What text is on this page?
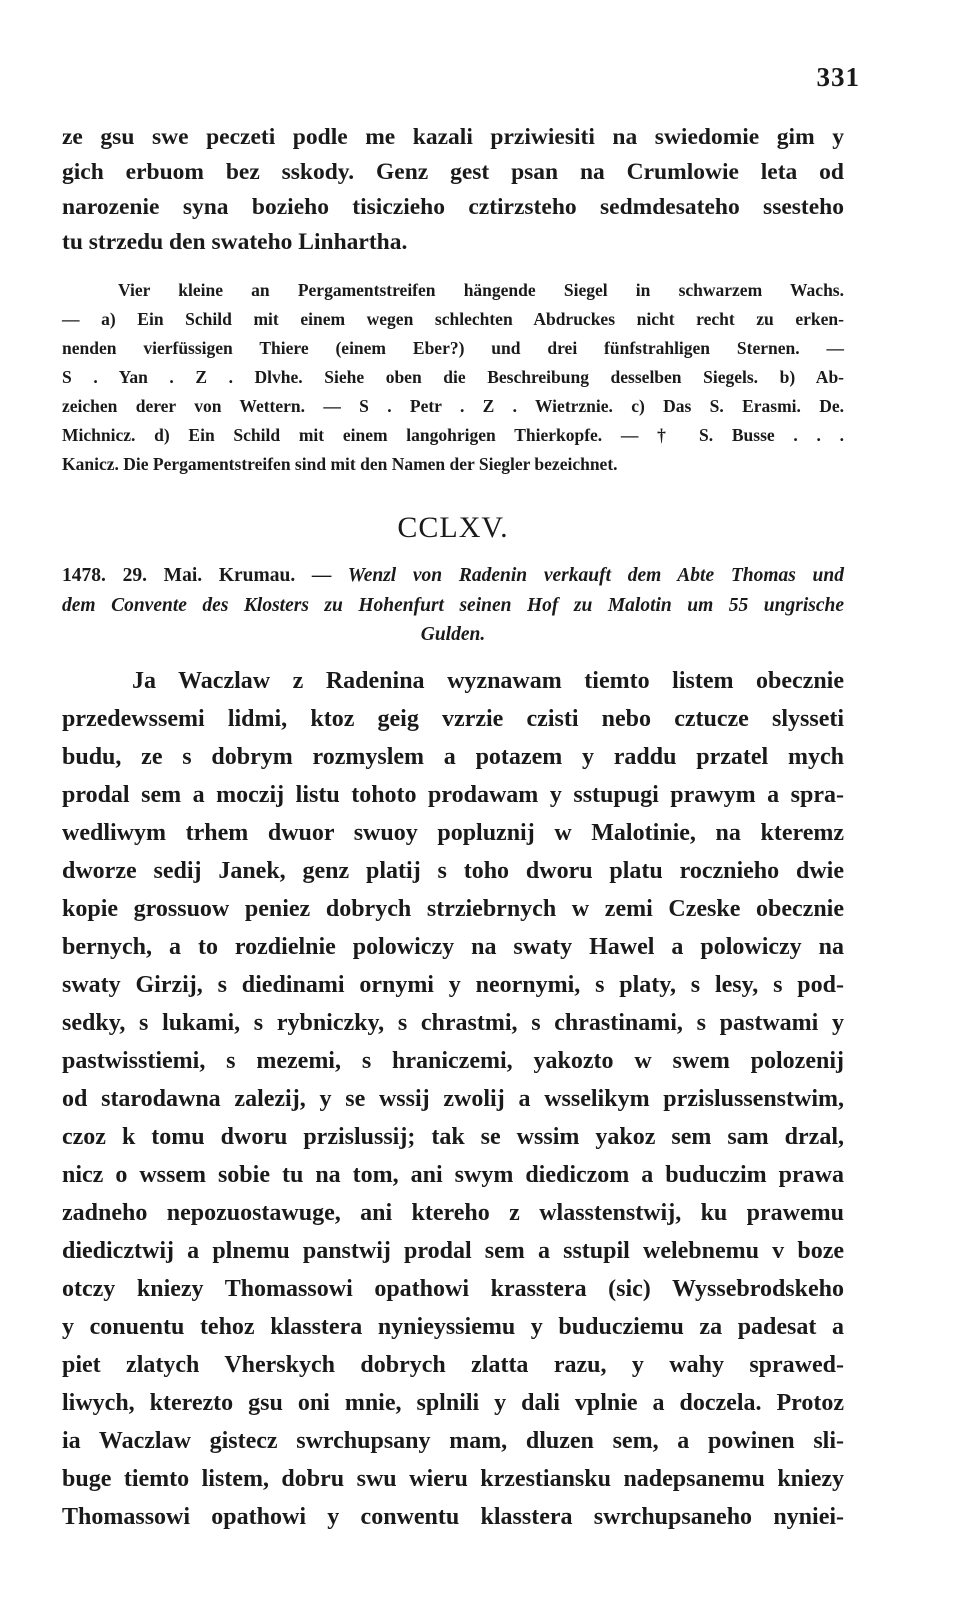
331
ze gsu swe peczeti podle me kazali prziwiesiti na swiedomie gim y
gich erbuom bez sskody. Genz gest psan na Crumlowie leta od
narozenie syna bozieho tisiczieho cztirzsteho sedmdesateho ssesteho
tu strzedu den swateho Linhartha.
Vier kleine an Pergamentstreifen hängende Siegel in schwarzem Wachs.
— a) Ein Schild mit einem wegen schlechten Abdruckes nicht recht zu erken-
nenden vierfüssigen Thiere (einem Eber?) und drei fünfstrahligen Sternen. —
S . Yan . Z . Dlvhe. Siehe oben die Beschreibung desselben Siegels. b) Ab-
zeichen derer von Wettern. — S . Petr . Z . Wietrznie. c) Das S. Erasmi. De.
Michnicz. d) Ein Schild mit einem langohrigen Thierkopfe. — † S. Busse . . .
Kanicz. Die Pergamentstreifen sind mit den Namen der Siegler bezeichnet.
CCLXV.
1478. 29. Mai. Krumau. — Wenzl von Radenin verkauft dem Abte Thomas und
dem Convente des Klosters zu Hohenfurt seinen Hof zu Malotin um 55 ungrische
Gulden.
Ja Waczlaw z Radenina wyznawam tiemto listem obecznie
przedewssemi lidmi, ktoz geig vzrzie czisti nebo cztucze slysseti
budu, ze s dobrym rozmyslem a potazem y raddu przatel mych
prodal sem a moczij listu tohoto prodawam y sstupugi prawym a spra-
wedliwym trhem dwuor swuoy popluznij w Malotinie, na kteremz
dworze sedij Janek, genz platij s toho dworu platu rocznieho dwie
kopie grossuow peniez dobrych strziebrnych w zemi Czeske obecznie
bernych, a to rozdielnie polowiczy na swaty Hawel a polowiczy na
swaty Girzij, s diedinami ornymi y neornymi, s platy, s lesy, s pod-
sedky, s lukami, s rybniczky, s chrastmi, s chrastinami, s pastwami y
pastwisstiemi, s mezemi, s hraniczemi, yakozto w swem polozenij
od starodawna zalezij, y se wssij zwolij a wsselikym przislussenstwim,
czoz k tomu dworu przislussij; tak se wssim yakoz sem sam drzal,
nicz o wssem sobie tu na tom, ani swym diediczom a buduczim prawa
zadneho nepozuostawuge, ani ktereho z wlasstenstwij, ku prawemu
diedicztwij a plnemu panstwij prodal sem a sstupil welebnemu v boze
otczy kniezy Thomassowi opathowi krasstera (sic) Wyssebrodskeho
y conuentu tehoz klasstera nynieyssiemu y buducziemu za padesat a
piet zlatych Vherskych dobrych zlatta razu, y wahy sprawed-
liwych, kterezto gsu oni mnie, splnili y dali vplnie a doczela. Protoz
ia Waczlaw gistecz swrchupsany mam, dluzen sem, a powinen sli-
buge tiemto listem, dobru swu wieru krzestiansku nadepsanemu kniezy
Thomassowi opathowi y conwentu klasstera swrchupsaneho nyniei-
